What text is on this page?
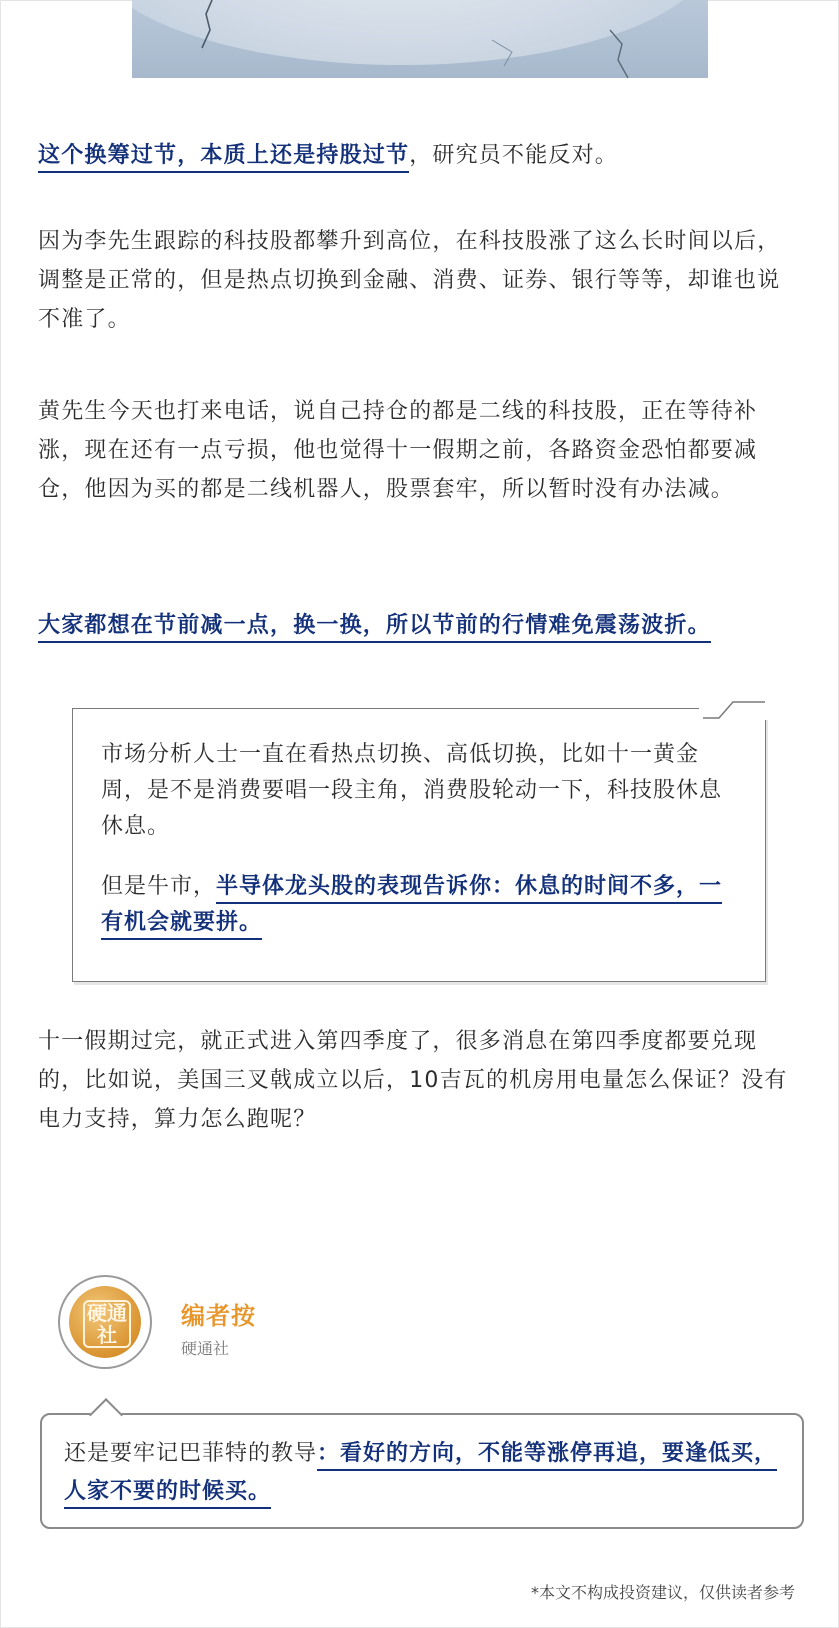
这个换筹过节，本质上还是持股过节，研究员不能反对。

因为李先生跟踪的科技股都攀升到高位，在科技股涨了这么长时间以后，调整是正常的，但是热点切换到金融、消费、证券、银行等等，却谁也说不准了。

黄先生今天也打来电话，说自己持仓的都是二线的科技股，正在等待补涨，现在还有一点亏损，他也觉得十一假期之前，各路资金恐怕都要减仓，他因为买的都是二线机器人，股票套牢，所以暂时没有办法减。

大家都想在节前减一点，换一换，所以节前的行情难免震荡波折。

市场分析人士一直在看热点切换、高低切换，比如十一黄金周，是不是消费要唱一段主角，消费股轮动一下，科技股休息休息。

但是牛市，半导体龙头股的表现告诉你：休息的时间不多，一有机会就要拼。

十一假期过完，就正式进入第四季度了，很多消息在第四季度都要兑现的，比如说，美国三叉戟成立以后，10吉瓦的机房用电量怎么保证？没有电力支持，算力怎么跑呢？

硬通社
编者按
硬通社

还是要牢记巴菲特的教导：看好的方向，不能等涨停再追，要逢低买，人家不要的时候买。

*本文不构成投资建议，仅供读者参考
